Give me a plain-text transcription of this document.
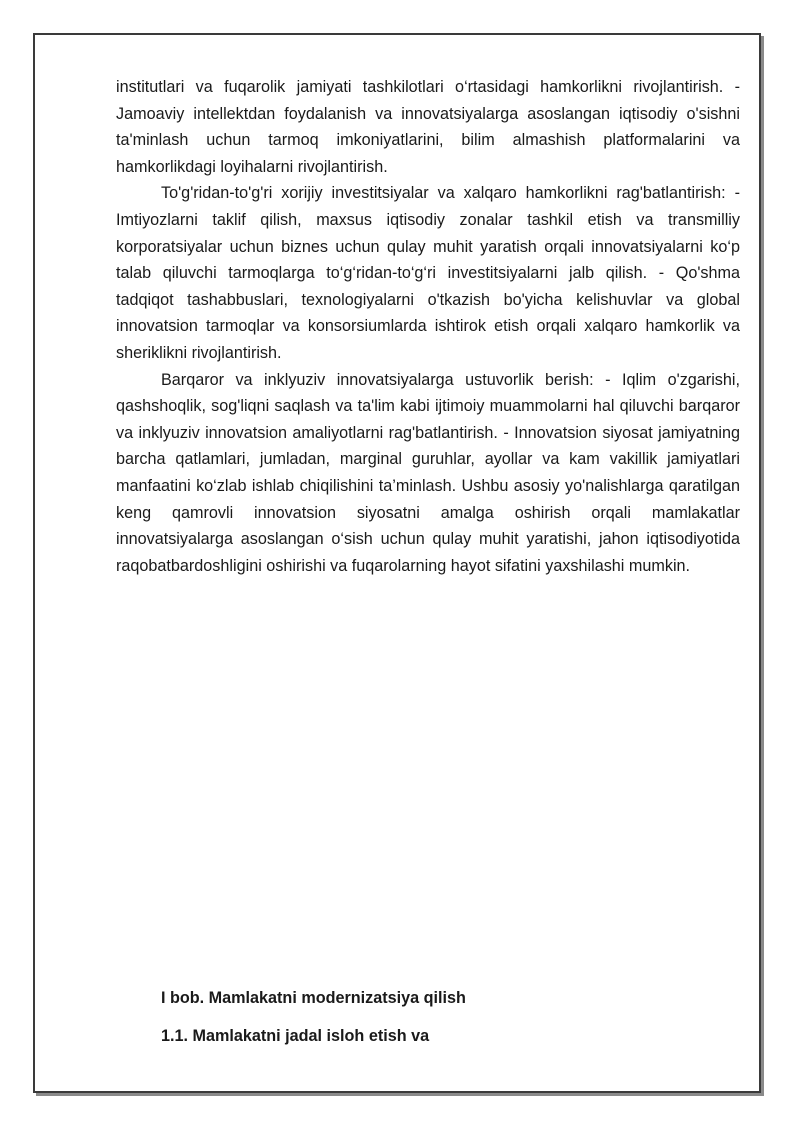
institutlari va fuqarolik jamiyati tashkilotlari o‘rtasidagi hamkorlikni rivojlantirish. - Jamoaviy intellektdan foydalanish va innovatsiyalarga asoslangan iqtisodiy o'sishni ta'minlash uchun tarmoq imkoniyatlarini, bilim almashish platformalarini va hamkorlikdagi loyihalarni rivojlantirish.

To'g'ridan-to'g'ri xorijiy investitsiyalar va xalqaro hamkorlikni rag'batlantirish: - Imtiyozlarni taklif qilish, maxsus iqtisodiy zonalar tashkil etish va transmilliy korporatsiyalar uchun biznes uchun qulay muhit yaratish orqali innovatsiyalarni ko‘p talab qiluvchi tarmoqlarga to‘g‘ridan-to‘g‘ri investitsiyalarni jalb qilish. - Qo'shma tadqiqot tashabbuslari, texnologiyalarni o'tkazish bo'yicha kelishuvlar va global innovatsion tarmoqlar va konsorsiumlarda ishtirok etish orqali xalqaro hamkorlik va sheriklikni rivojlantirish.

Barqaror va inklyuziv innovatsiyalarga ustuvorlik berish: - Iqlim o'zgarishi, qashshoqlik, sog'liqni saqlash va ta'lim kabi ijtimoiy muammolarni hal qiluvchi barqaror va inklyuziv innovatsion amaliyotlarni rag'batlantirish. - Innovatsion siyosat jamiyatning barcha qatlamlari, jumladan, marginal guruhlar, ayollar va kam vakillik jamiyatlari manfaatini ko‘zlab ishlab chiqilishini ta’minlash. Ushbu asosiy yo'nalishlarga qaratilgan keng qamrovli innovatsion siyosatni amalga oshirish orqali mamlakatlar innovatsiyalarga asoslangan o‘sish uchun qulay muhit yaratishi, jahon iqtisodiyotida raqobatbardoshligini oshirishi va fuqarolarning hayot sifatini yaxshilashi mumkin.

I bob. Mamlakatni modernizatsiya qilish
1.1. Mamlakatni jadal isloh etish va
